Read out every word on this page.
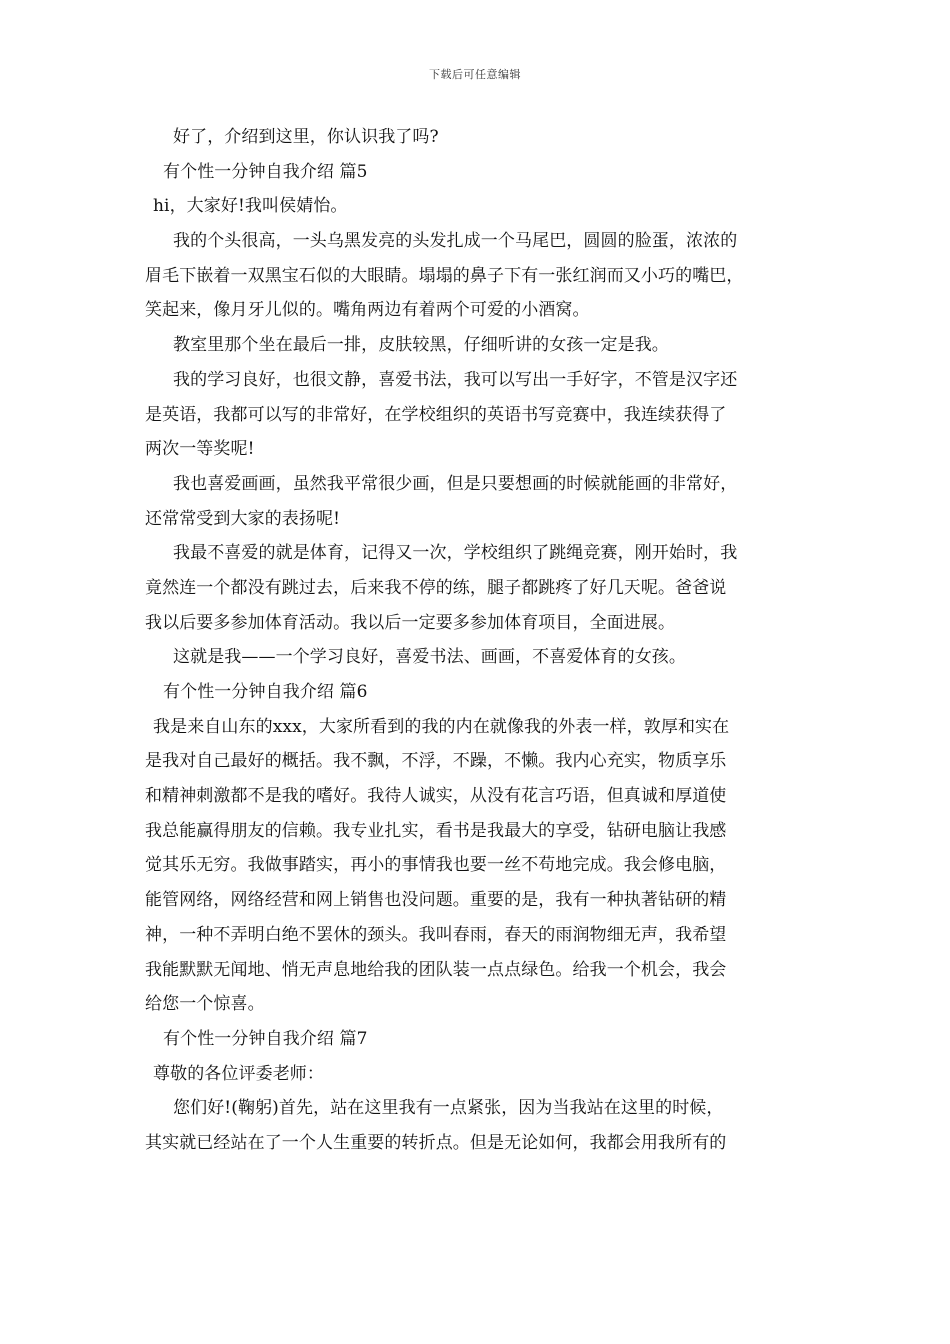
下载后可任意编辑
好了，介绍到这里，你认识我了吗?
有个性一分钟自我介绍 篇5
hi，大家好!我叫侯婧怡。
我的个头很高，一头乌黑发亮的头发扎成一个马尾巴，圆圆的脸蛋，浓浓的
眉毛下嵌着一双黑宝石似的大眼睛。塌塌的鼻子下有一张红润而又小巧的嘴巴，
笑起来，像月牙儿似的。嘴角两边有着两个可爱的小酒窝。
教室里那个坐在最后一排，皮肤较黑，仔细听讲的女孩一定是我。
我的学习良好，也很文静，喜爱书法，我可以写出一手好字，不管是汉字还
是英语，我都可以写的非常好，在学校组织的英语书写竞赛中，我连续获得了
两次一等奖呢!
我也喜爱画画，虽然我平常很少画，但是只要想画的时候就能画的非常好，
还常常受到大家的表扬呢!
我最不喜爱的就是体育，记得又一次，学校组织了跳绳竞赛，刚开始时，我
竟然连一个都没有跳过去，后来我不停的练，腿子都跳疼了好几天呢。爸爸说
我以后要多参加体育活动。我以后一定要多参加体育项目，全面进展。
这就是我——一个学习良好，喜爱书法、画画，不喜爱体育的女孩。
有个性一分钟自我介绍 篇6
我是来自山东的xxx，大家所看到的我的内在就像我的外表一样，敦厚和实在
是我对自己最好的概括。我不飘，不浮，不躁，不懒。我内心充实，物质享乐
和精神刺激都不是我的嗜好。我待人诚实，从没有花言巧语，但真诚和厚道使
我总能赢得朋友的信赖。我专业扎实，看书是我最大的享受，钻研电脑让我感
觉其乐无穷。我做事踏实，再小的事情我也要一丝不苟地完成。我会修电脑，
能管网络，网络经营和网上销售也没问题。重要的是，我有一种执著钻研的精
神，一种不弄明白绝不罢休的颈头。我叫春雨，春天的雨润物细无声，我希望
我能默默无闻地、悄无声息地给我的团队装一点点绿色。给我一个机会，我会
给您一个惊喜。
有个性一分钟自我介绍 篇7
尊敬的各位评委老师：
您们好!(鞠躬)首先，站在这里我有一点紧张，因为当我站在这里的时候，
其实就已经站在了一个人生重要的转折点。但是无论如何，我都会用我所有的
